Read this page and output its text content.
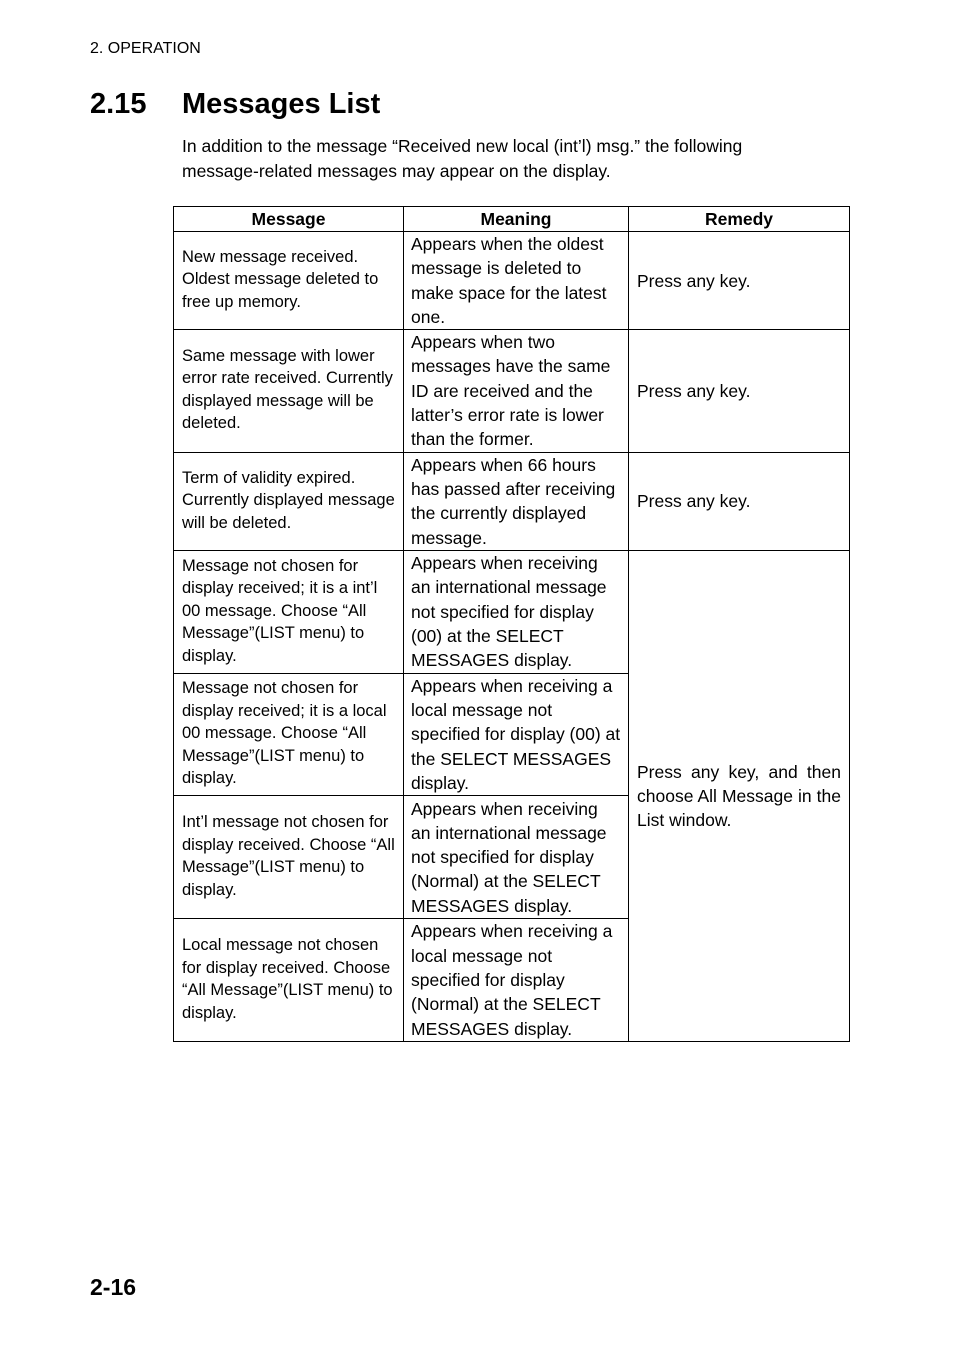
2. OPERATION
2.15 Messages List

In addition to the message “Received new local (int’l) msg.” the following message-related messages may appear on the display.

Message	Meaning	Remedy
New message received. Oldest message deleted to free up memory.	Appears when the oldest message is deleted to make space for the latest one.	Press any key.
Same message with lower error rate received. Currently displayed message will be deleted.	Appears when two messages have the same ID are received and the latter’s error rate is lower than the former.	Press any key.
Term of validity expired. Currently displayed message will be deleted.	Appears when 66 hours has passed after receiving the currently displayed message.	Press any key.
Message not chosen for display received; it is a int’l 00 message. Choose “All Message”(LIST menu) to display.	Appears when receiving an international message not specified for display (00) at the SELECT MESSAGES display.	Press any key, and then choose All Message in the List window.
Message not chosen for display received; it is a local 00 message. Choose “All Message”(LIST menu) to display.	Appears when receiving a local message not specified for display (00) at the SELECT MESSAGES display.	
Int’l message not chosen for display received. Choose “All Message”(LIST menu) to display.	Appears when receiving an international message not specified for display (Normal) at the SELECT MESSAGES display.	
Local message not chosen for display received. Choose “All Message”(LIST menu) to display.	Appears when receiving a local message not specified for display (Normal) at the SELECT MESSAGES display.	
2-16
